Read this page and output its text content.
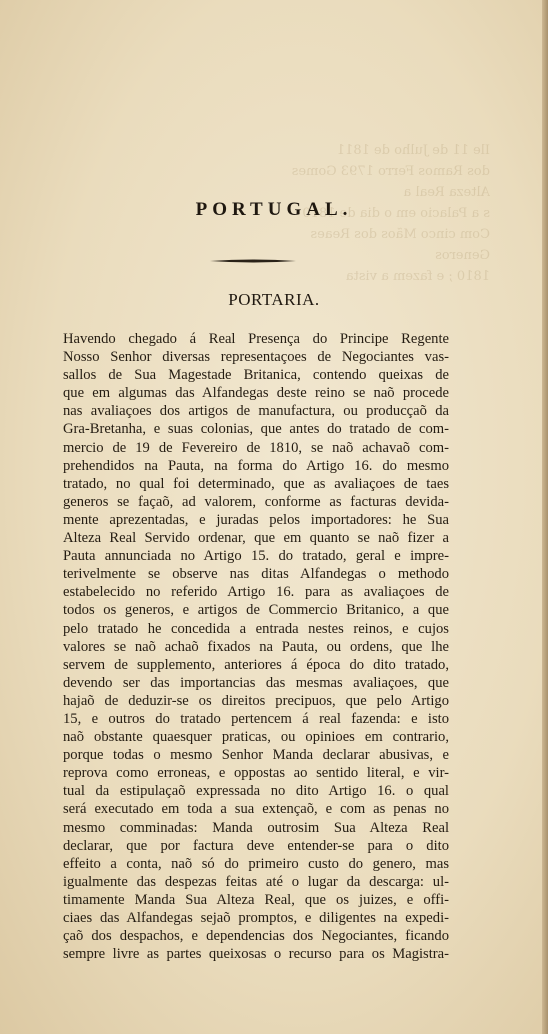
Ile 11 de Julho de 1811
dos Ramos Ferro 1793 Gomes
Alteza Real a
s a Palacio em o dia de 1810
Com cinco Mãos dos Reaes Generos
1810 ; e fazem a vista
PORTUGAL.
PORTARIA.
Havendo chegado á Real Presença do Principe Regente
Nosso Senhor diversas representaçoes de Negociantes vas-
sallos de Sua Magestade Britanica, contendo queixas de
que em algumas das Alfandegas deste reino se naõ procede
nas avaliaçoes dos artigos de manufactura, ou producçaõ da
Gra-Bretanha, e suas colonias, que antes do tratado de com-
mercio de 19 de Fevereiro de 1810, se naõ achavaõ com-
prehendidos na Pauta, na forma do Artigo 16. do mesmo
tratado, no qual foi determinado, que as avaliaçoes de taes
generos se façaõ, ad valorem, conforme as facturas devida-
mente aprezentadas, e juradas pelos importadores: he Sua
Alteza Real Servido ordenar, que em quanto se naõ fizer a
Pauta annunciada no Artigo 15. do tratado, geral e impre-
terivelmente se observe nas ditas Alfandegas o methodo
estabelecido no referido Artigo 16. para as avaliaçoes de
todos os generos, e artigos de Commercio Britanico, a que
pelo tratado he concedida a entrada nestes reinos, e cujos
valores se naõ achaõ fixados na Pauta, ou ordens, que lhe
servem de supplemento, anteriores á época do dito tratado,
devendo ser das importancias das mesmas avaliaçoes, que
hajaõ de deduzir-se os direitos precipuos, que pelo Artigo
15, e outros do tratado pertencem á real fazenda: e isto
naõ obstante quaesquer praticas, ou opinioes em contrario,
porque todas o mesmo Senhor Manda declarar abusivas, e
reprova como erroneas, e oppostas ao sentido literal, e vir-
tual da estipulaçaõ expressada no dito Artigo 16. o qual
será executado em toda a sua extençaõ, e com as penas no
mesmo comminadas: Manda outrosim Sua Alteza Real
declarar, que por factura deve entender-se para o dito
effeito a conta, naõ só do primeiro custo do genero, mas
igualmente das despezas feitas até o lugar da descarga: ul-
timamente Manda Sua Alteza Real, que os juizes, e offi-
ciaes das Alfandegas sejaõ promptos, e diligentes na expedi-
çaõ dos despachos, e dependencias dos Negociantes, ficando
sempre livre as partes queixosas o recurso para os Magistra-
